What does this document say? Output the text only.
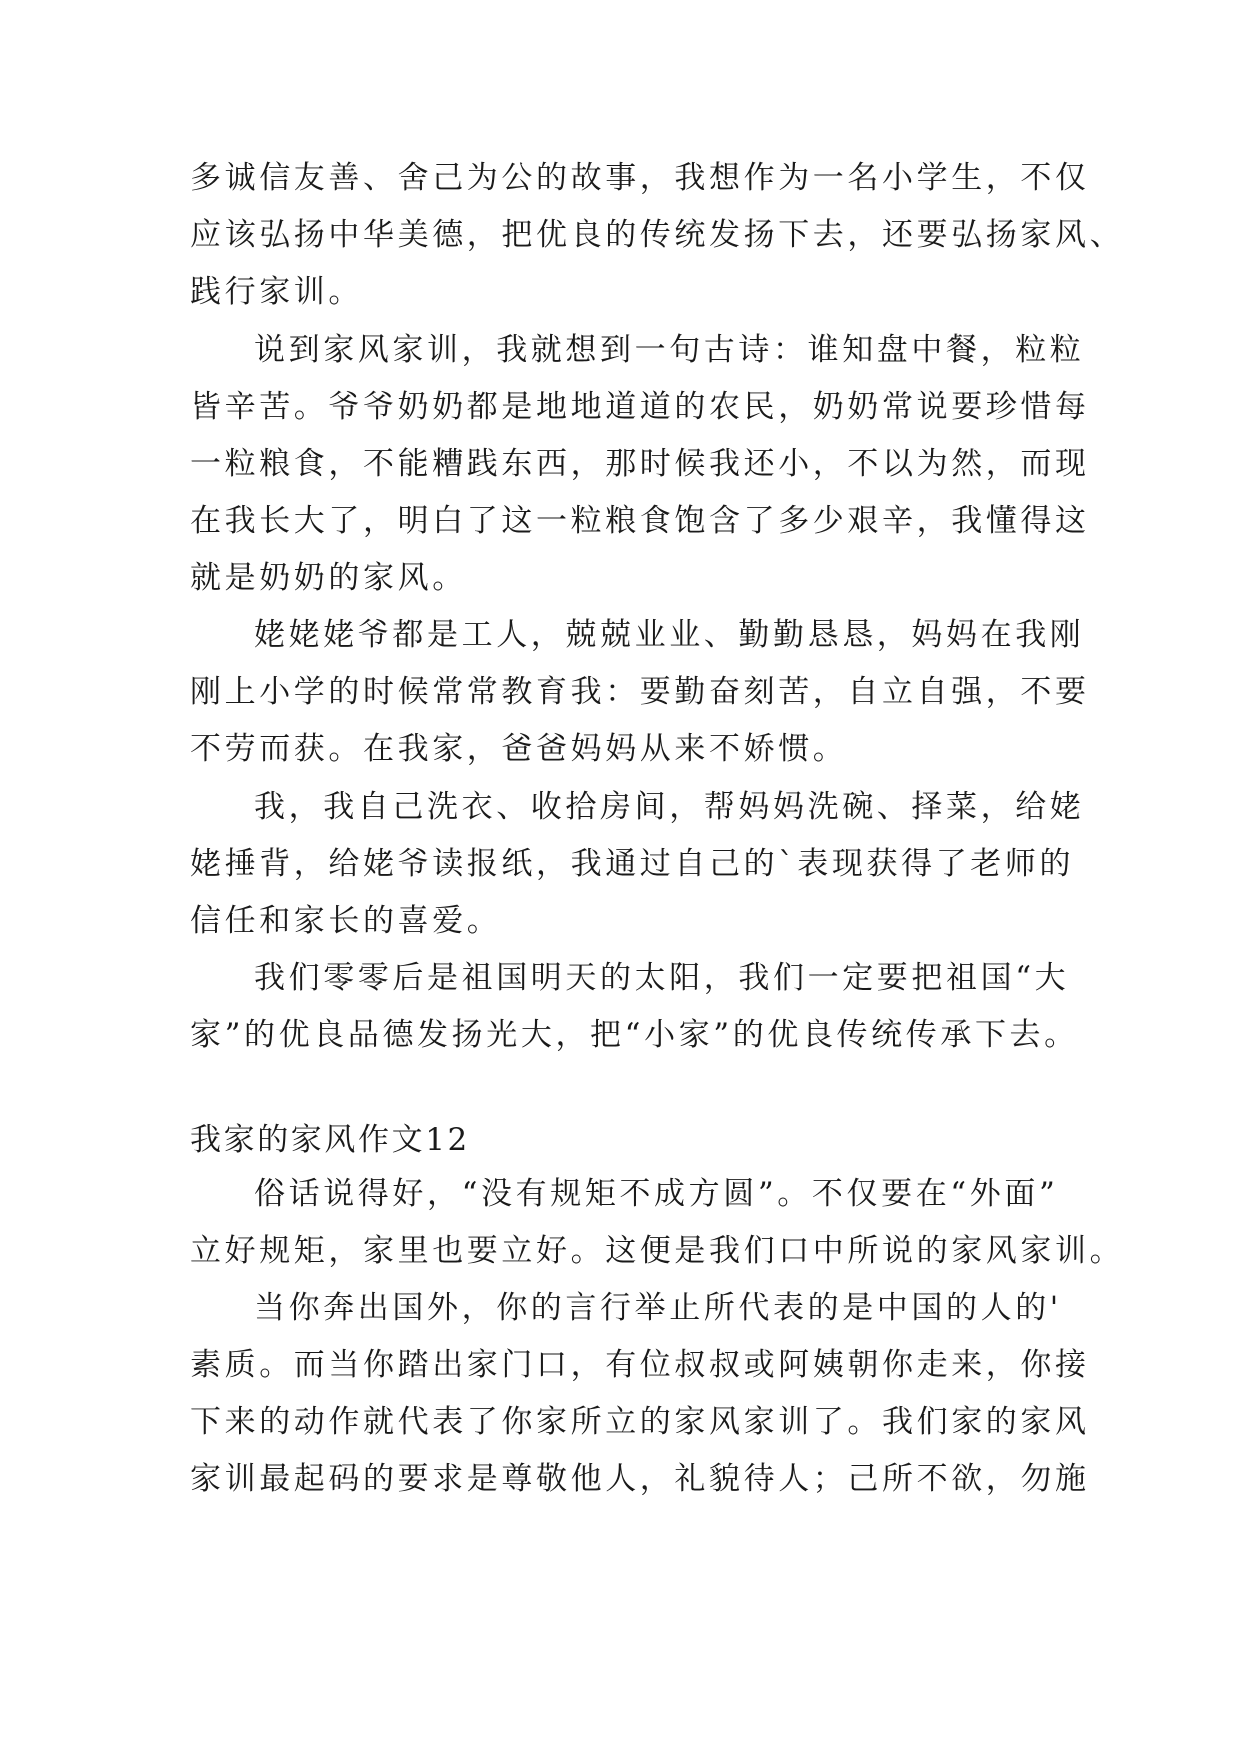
多诚信友善、舍己为公的故事，我想作为一名小学生，不仅
应该弘扬中华美德，把优良的传统发扬下去，还要弘扬家风、
践行家训。
说到家风家训，我就想到一句古诗：谁知盘中餐，粒粒
皆辛苦。爷爷奶奶都是地地道道的农民，奶奶常说要珍惜每
一粒粮食，不能糟践东西，那时候我还小，不以为然，而现
在我长大了，明白了这一粒粮食饱含了多少艰辛，我懂得这
就是奶奶的家风。
姥姥姥爷都是工人，兢兢业业、勤勤恳恳，妈妈在我刚
刚上小学的时候常常教育我：要勤奋刻苦，自立自强，不要
不劳而获。在我家，爸爸妈妈从来不娇惯。
我，我自己洗衣、收拾房间，帮妈妈洗碗、择菜，给姥
姥捶背，给姥爷读报纸，我通过自己的`表现获得了老师的
信任和家长的喜爱。
我们零零后是祖国明天的太阳，我们一定要把祖国“大
家”的优良品德发扬光大，把“小家”的优良传统传承下去。
我家的家风作文12
俗话说得好，“没有规矩不成方圆”。不仅要在“外面”
立好规矩，家里也要立好。这便是我们口中所说的家风家训。
当你奔出国外，你的言行举止所代表的是中国的人的'
素质。而当你踏出家门口，有位叔叔或阿姨朝你走来，你接
下来的动作就代表了你家所立的家风家训了。我们家的家风
家训最起码的要求是尊敬他人，礼貌待人；己所不欲，勿施
